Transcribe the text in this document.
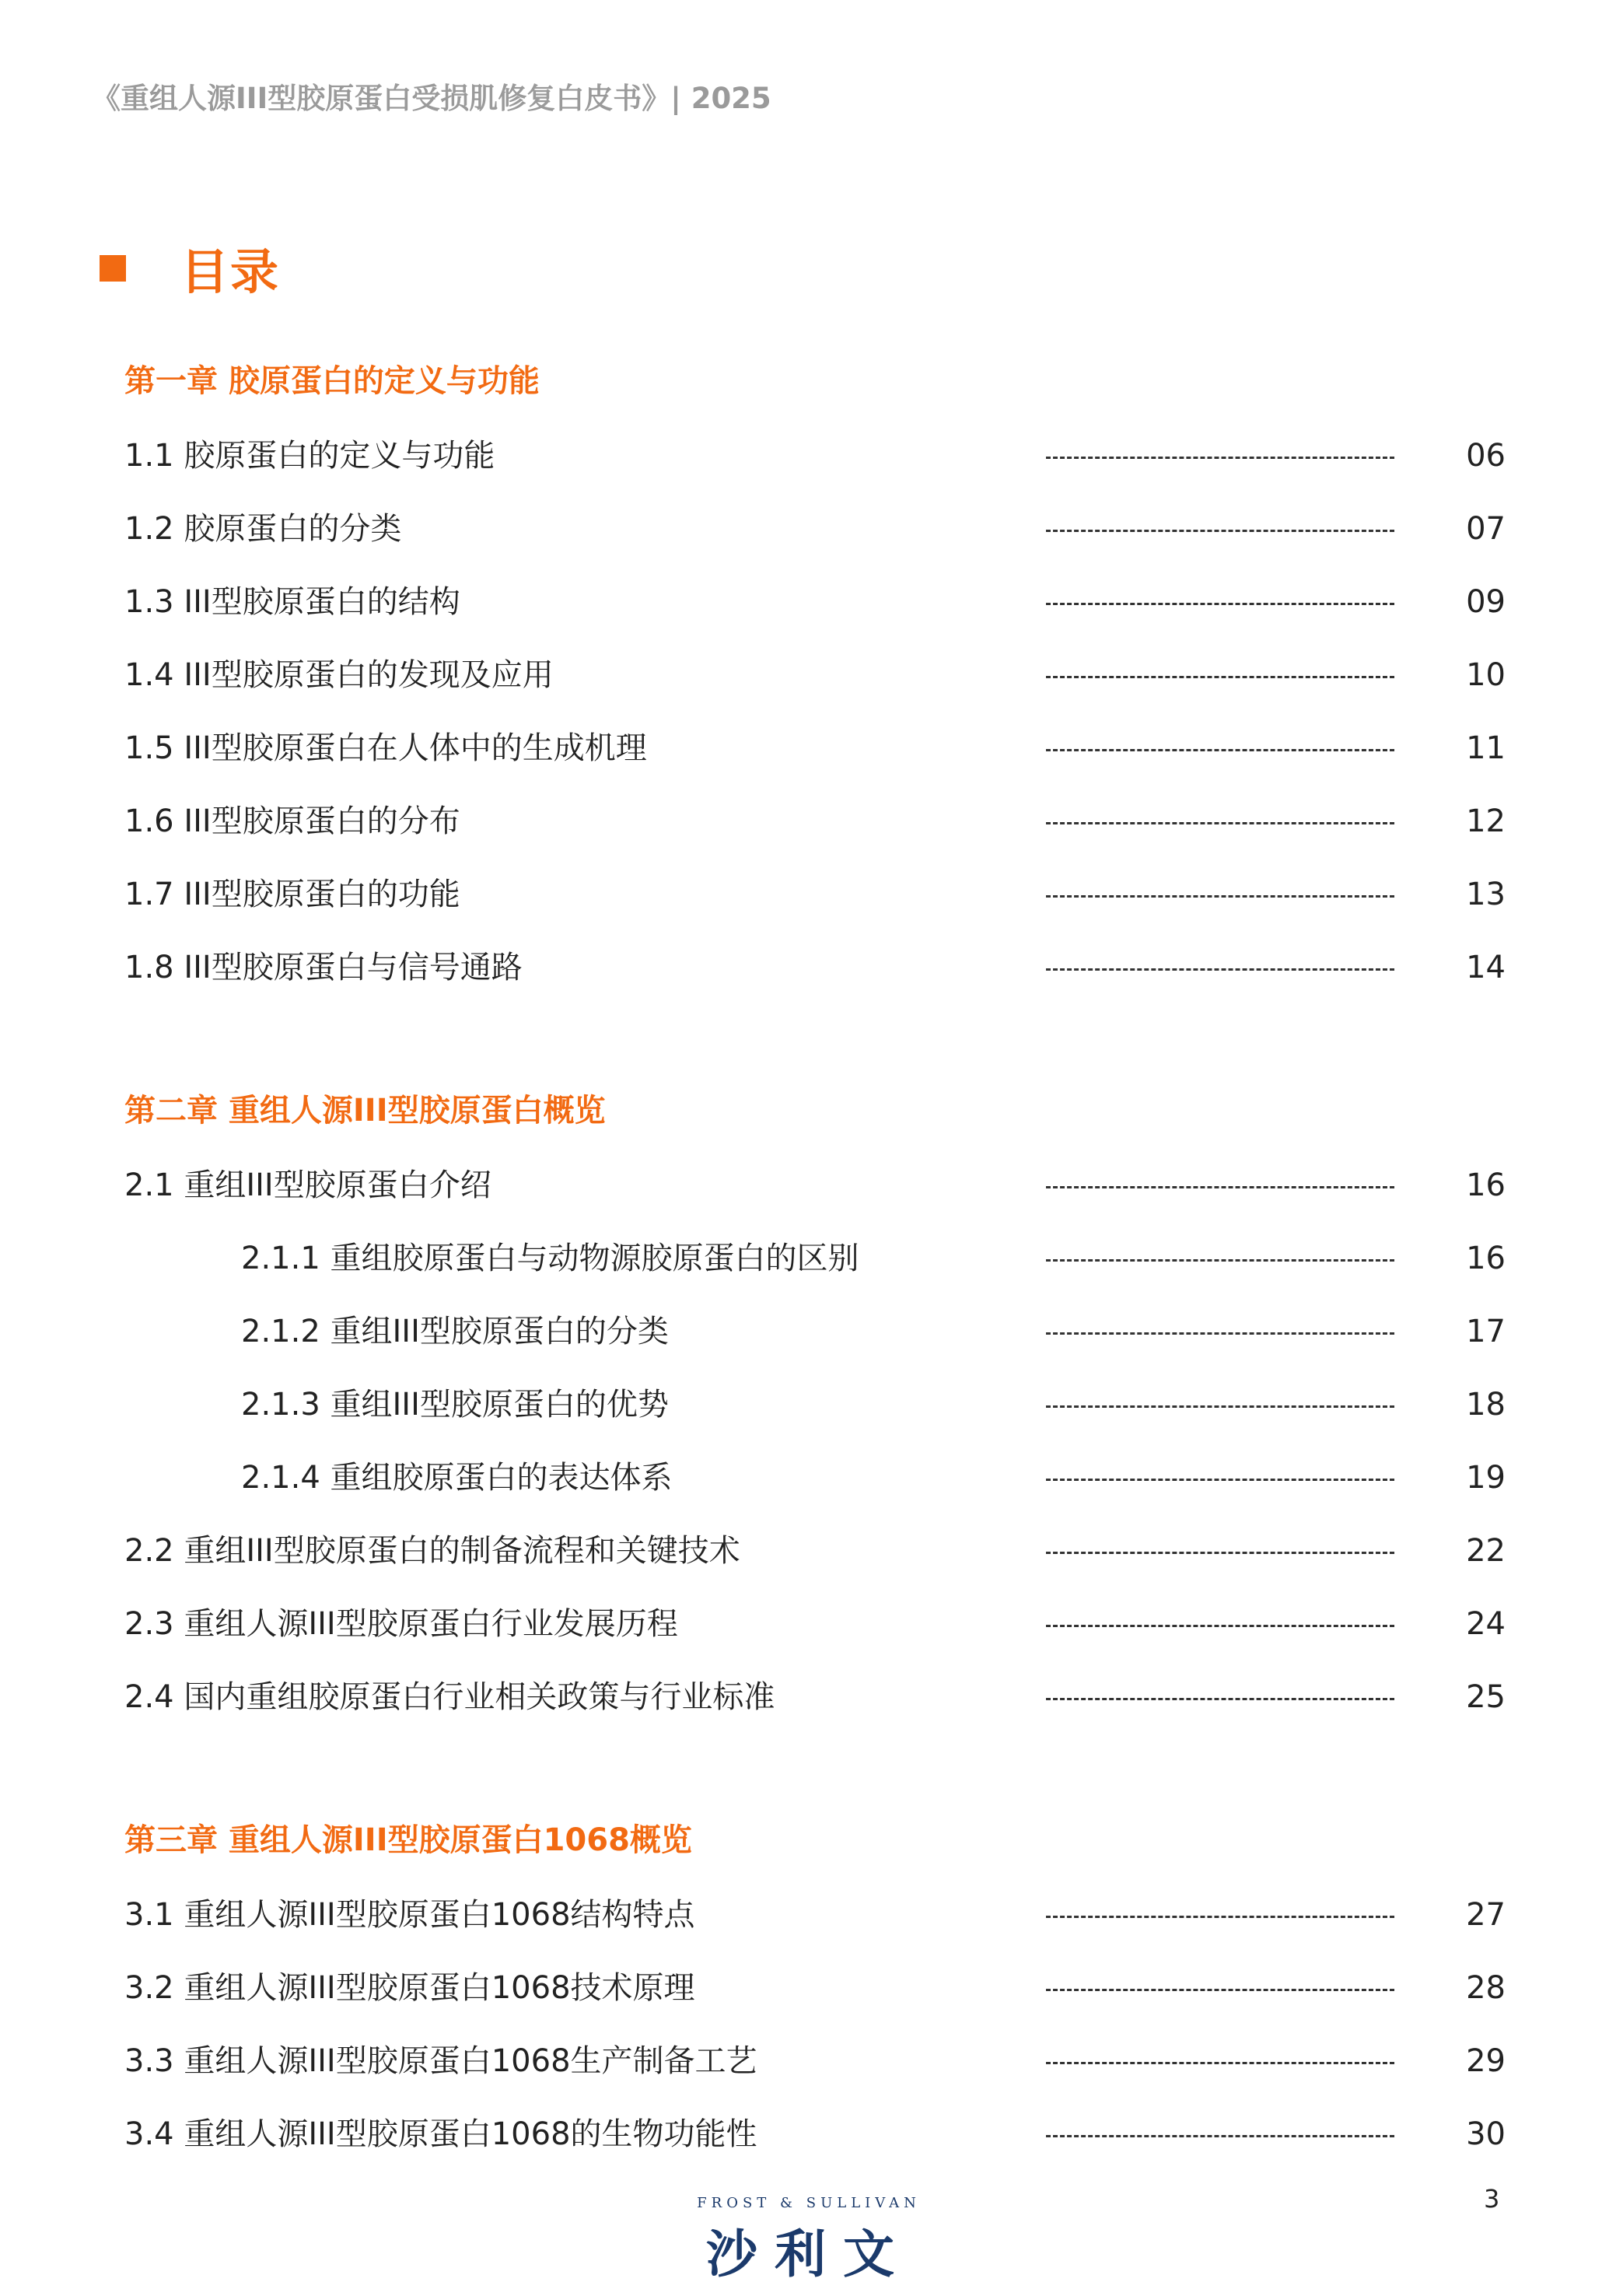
《重组人源III型胶原蛋白受损肌修复白皮书》| 2025
目录
第一章 胶原蛋白的定义与功能
1.1 胶原蛋白的定义与功能	06
1.2 胶原蛋白的分类	07
1.3 III型胶原蛋白的结构	09
1.4 III型胶原蛋白的发现及应用	10
1.5 III型胶原蛋白在人体中的生成机理	11
1.6 III型胶原蛋白的分布	12
1.7 III型胶原蛋白的功能	13
1.8 III型胶原蛋白与信号通路	14
第二章 重组人源III型胶原蛋白概览
2.1 重组III型胶原蛋白介绍	16
2.1.1 重组胶原蛋白与动物源胶原蛋白的区别	16
2.1.2 重组III型胶原蛋白的分类	17
2.1.3 重组III型胶原蛋白的优势	18
2.1.4 重组胶原蛋白的表达体系	19
2.2 重组III型胶原蛋白的制备流程和关键技术	22
2.3 重组人源III型胶原蛋白行业发展历程	24
2.4 国内重组胶原蛋白行业相关政策与行业标准	25
第三章 重组人源III型胶原蛋白1068概览
3.1 重组人源III型胶原蛋白1068结构特点	27
3.2 重组人源III型胶原蛋白1068技术原理	28
3.3 重组人源III型胶原蛋白1068生产制备工艺	29
3.4 重组人源III型胶原蛋白1068的生物功能性	30
FROST & SULLIVAN
沙利文
3
